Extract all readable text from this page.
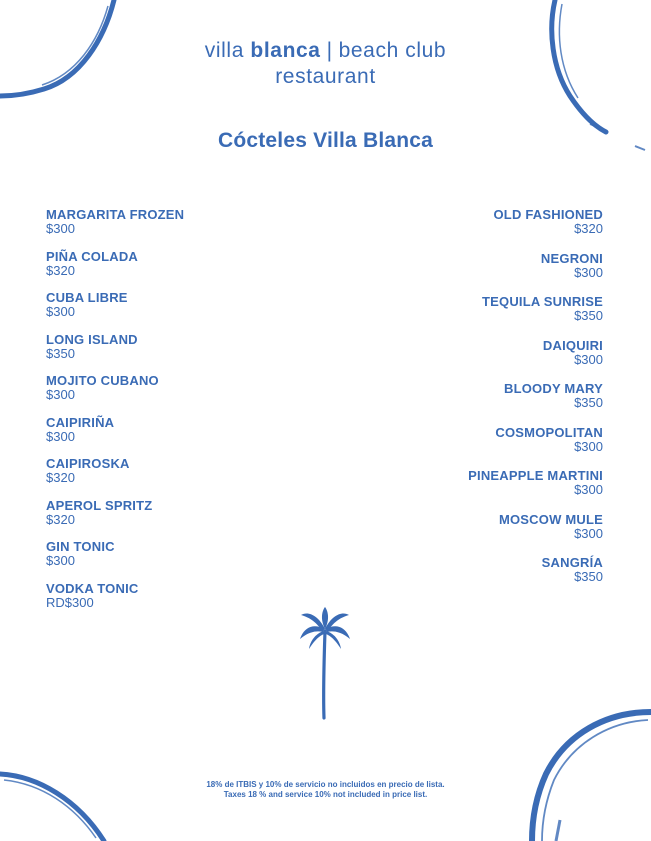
villa blanca | beach club
restaurant
Cócteles Villa Blanca
MARGARITA FROZEN
$300
PIÑA COLADA
$320
CUBA LIBRE
$300
LONG ISLAND
$350
MOJITO CUBANO
$300
CAIPIRIÑA
$300
CAIPIROSKA
$320
APEROL SPRITZ
$320
GIN TONIC
$300
VODKA TONIC
RD$300
OLD FASHIONED
$320
NEGRONI
$300
TEQUILA SUNRISE
$350
DAIQUIRI
$300
BLOODY MARY
$350
COSMOPOLITAN
$300
PINEAPPLE MARTINI
$300
MOSCOW MULE
$300
SANGRÍA
$350
18% de ITBIS y 10% de servicio no incluidos en precio de lista.
Taxes 18 % and service 10% not included in price list.
